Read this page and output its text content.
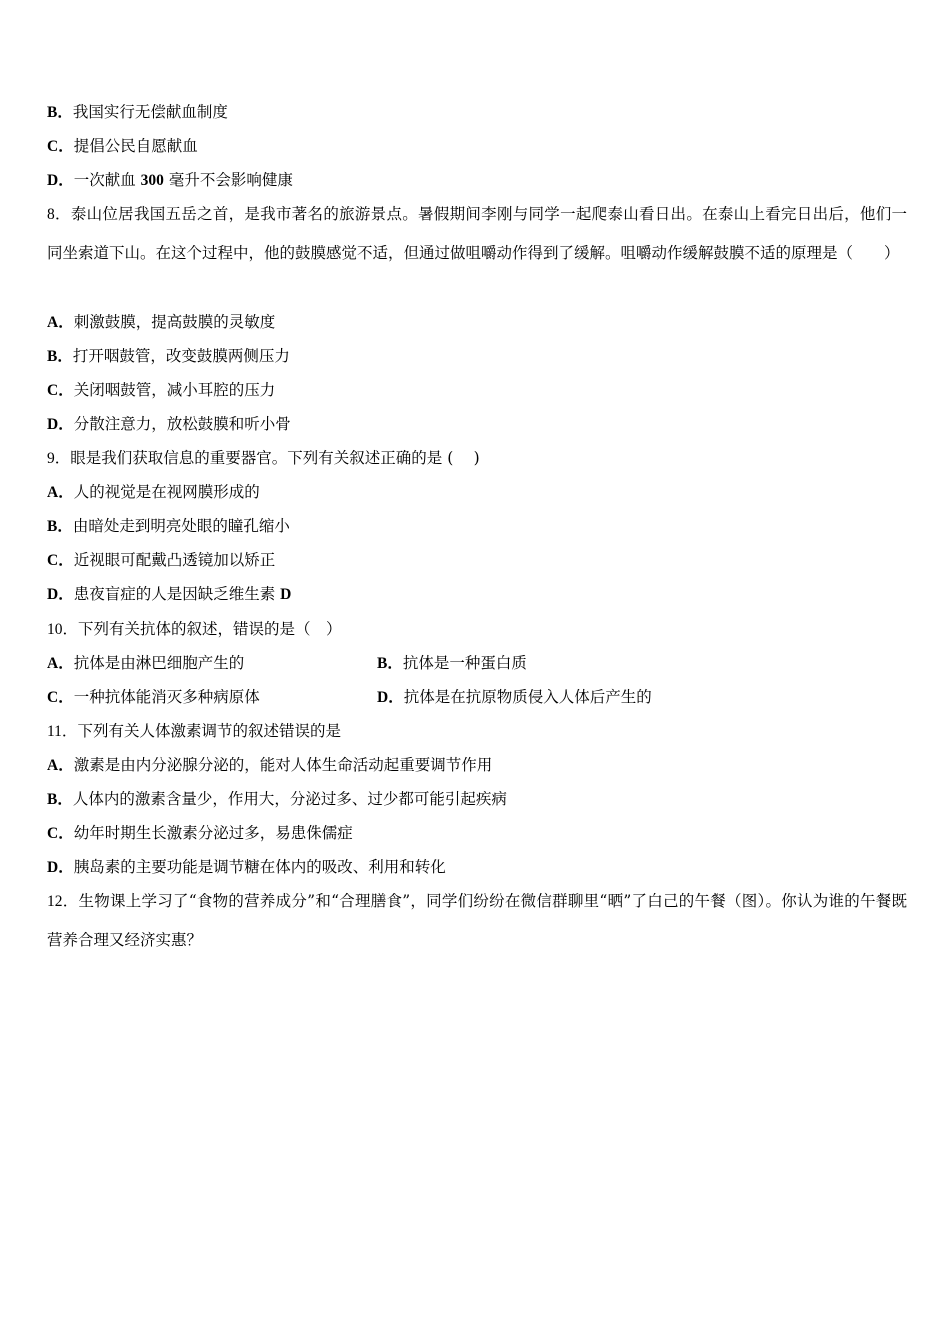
B．我国实行无偿献血制度
C．提倡公民自愿献血
D．一次献血 300 毫升不会影响健康
8．泰山位居我国五岳之首，是我市著名的旅游景点。暑假期间李刚与同学一起爬泰山看日出。在泰山上看完日出后，他们一同坐索道下山。在这个过程中，他的鼓膜感觉不适，但通过做咀嚼动作得到了缓解。咀嚼动作缓解鼓膜不适的原理是（　　）
A．刺激鼓膜，提高鼓膜的灵敏度
B．打开咽鼓管，改变鼓膜两侧压力
C．关闭咽鼓管，减小耳腔的压力
D．分散注意力，放松鼓膜和听小骨
9．眼是我们获取信息的重要器官。下列有关叙述正确的是 (　 )
A．人的视觉是在视网膜形成的
B．由暗处走到明亮处眼的瞳孔缩小
C．近视眼可配戴凸透镜加以矫正
D．患夜盲症的人是因缺乏维生素 D
10．下列有关抗体的叙述，错误的是（　）
A．抗体是由淋巴细胞产生的	B．抗体是一种蛋白质
C．一种抗体能消灭多种病原体	D．抗体是在抗原物质侵入人体后产生的
11．下列有关人体激素调节的叙述错误的是
A．激素是由内分泌腺分泌的，能对人体生命活动起重要调节作用
B．人体内的激素含量少，作用大，分泌过多、过少都可能引起疾病
C．幼年时期生长激素分泌过多，易患侏儒症
D．胰岛素的主要功能是调节糖在体内的吸改、利用和转化
12．生物课上学习了“食物的营养成分”和“合理膳食”，同学们纷纷在微信群聊里“晒”了白己的午餐（图）。你认为谁的午餐既营养合理又经济实惠？
